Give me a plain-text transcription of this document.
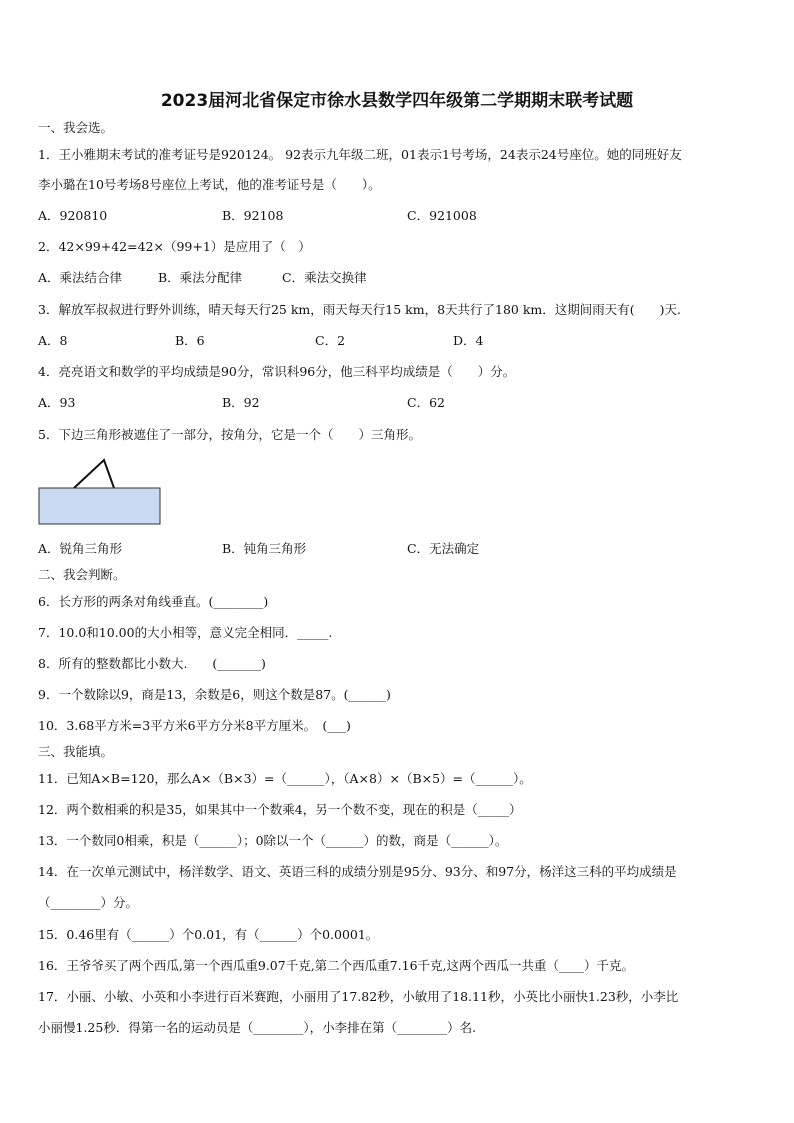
2023届河北省保定市徐水县数学四年级第二学期期末联考试题
一、我会选。
1．王小雅期末考试的准考证号是920124。 92表示九年级二班，01表示1号考场，24表示24号座位。她的同班好友
李小璐在10号考场8号座位上考试，他的准考证号是（　　）。
A．920810	B．92108	C．921008
2．42×99+42=42×（99+1）是应用了（　）
A．乘法结合律	B．乘法分配律	C．乘法交换律
3．解放军叔叔进行野外训练，晴天每天行25 km，雨天每天行15 km，8天共行了180 km．这期间雨天有(　　)天.
A．8	B．6	C．2	D．4
4．亮亮语文和数学的平均成绩是90分，常识科96分，他三科平均成绩是（　　）分。
A．93	B．92	C．62
5．下边三角形被遮住了一部分，按角分，它是一个（　　）三角形。
A．锐角三角形	B．钝角三角形	C．无法确定
二、我会判断。
6．长方形的两条对角线垂直。(________)
7．10.0和10.00的大小相等，意义完全相同．_____.
8．所有的整数都比小数大.　　(_______)
9．一个数除以9，商是13，余数是6，则这个数是87。(______)
10．3.68平方米=3平方米6平方分米8平方厘米。　(___)
三、我能填。
11．已知A×B=120，那么A×（B×3）=（______），（A×8）×（B×5）=（______）。
12．两个数相乘的积是35，如果其中一个数乘4，另一个数不变，现在的积是（_____）
13．一个数同0相乘，积是（______）；0除以一个（______）的数，商是（______）。
14．在一次单元测试中，杨洋数学、语文、英语三科的成绩分别是95分、93分、和97分，杨洋这三科的平均成绩是
（________）分。
15．0.46里有（______）个0.01，有（______）个0.0001。
16．王爷爷买了两个西瓜,第一个西瓜重9.07千克,第二个西瓜重7.16千克,这两个西瓜一共重（____）千克。
17．小丽、小敏、小英和小李进行百米赛跑，小丽用了17.82秒，小敏用了18.11秒，小英比小丽快1.23秒，小李比
小丽慢1.25秒．得第一名的运动员是（________），小李排在第（________）名.
